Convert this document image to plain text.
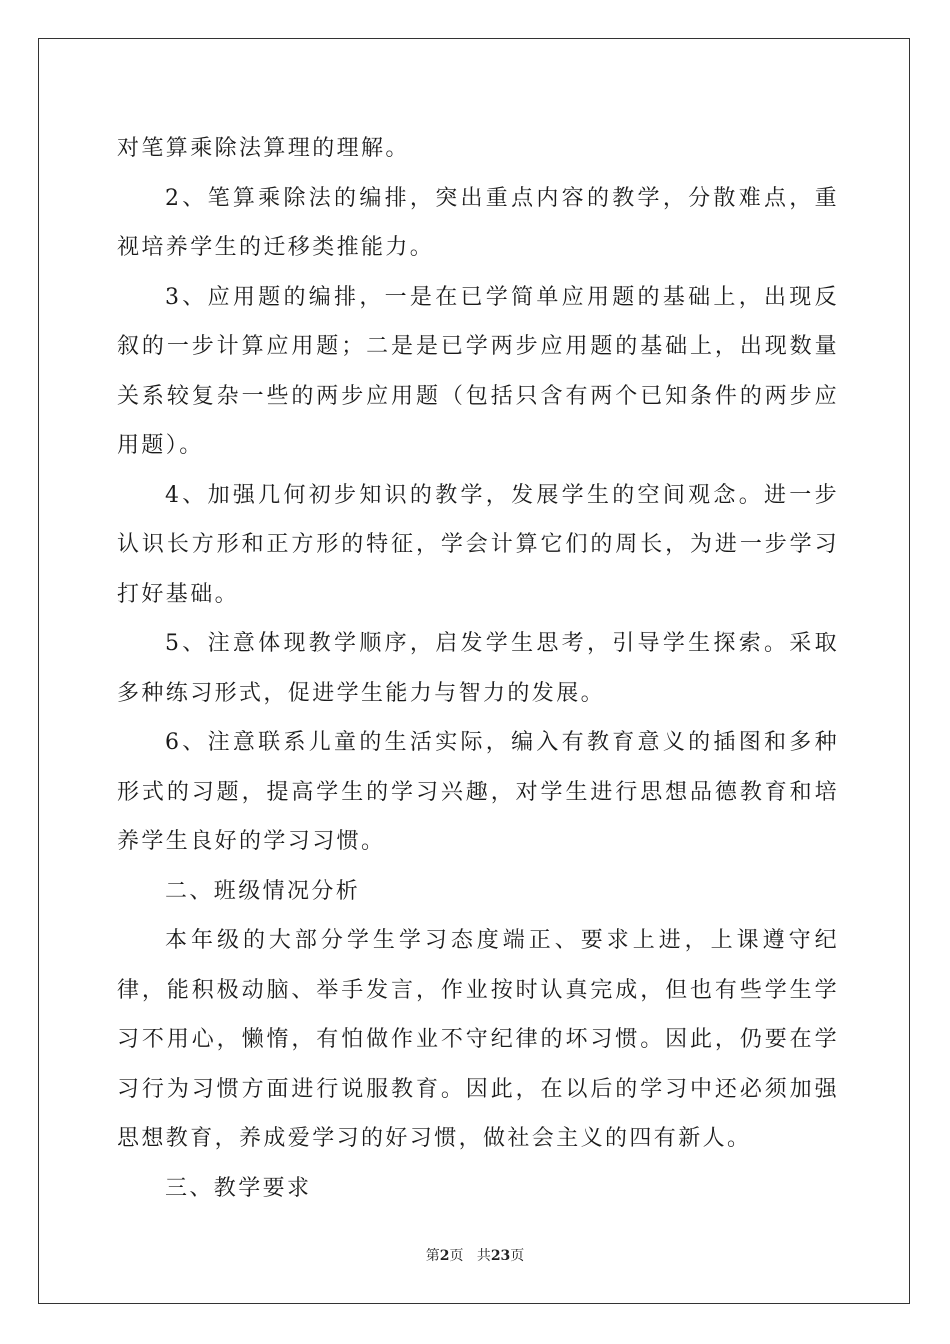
对笔算乘除法算理的理解。

2、笔算乘除法的编排，突出重点内容的教学，分散难点，重视培养学生的迁移类推能力。

3、应用题的编排，一是在已学简单应用题的基础上，出现反叙的一步计算应用题；二是是已学两步应用题的基础上，出现数量关系较复杂一些的两步应用题（包括只含有两个已知条件的两步应用题）。

4、加强几何初步知识的教学，发展学生的空间观念。进一步认识长方形和正方形的特征，学会计算它们的周长，为进一步学习打好基础。

5、注意体现教学顺序，启发学生思考，引导学生探索。采取多种练习形式，促进学生能力与智力的发展。

6、注意联系儿童的生活实际，编入有教育意义的插图和多种形式的习题，提高学生的学习兴趣，对学生进行思想品德教育和培养学生良好的学习习惯。

二、班级情况分析

本年级的大部分学生学习态度端正、要求上进，上课遵守纪律，能积极动脑、举手发言，作业按时认真完成，但也有些学生学习不用心，懒惰，有怕做作业不守纪律的坏习惯。因此，仍要在学习行为习惯方面进行说服教育。因此，在以后的学习中还必须加强思想教育，养成爱学习的好习惯，做社会主义的四有新人。

三、教学要求

第2页 共23页
